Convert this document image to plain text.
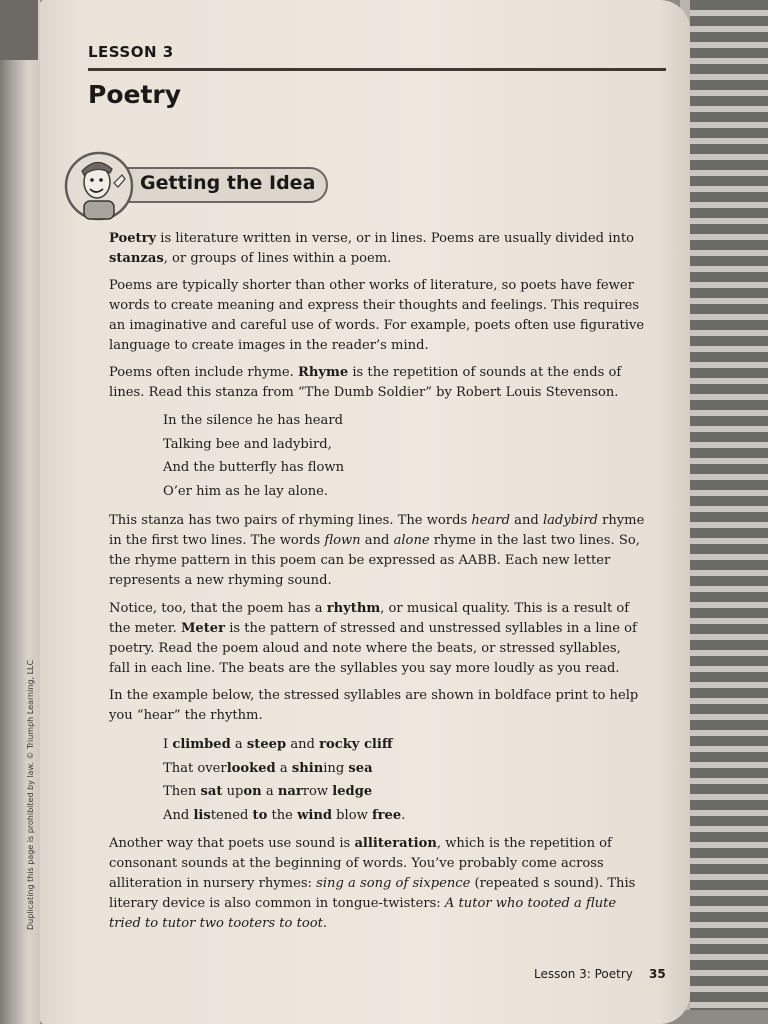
Duplicating this page is prohibited by law. © Triumph Learning, LLC
LESSON 3
Poetry
Getting the Idea
Poetry is literature written in verse, or in lines. Poems are usually divided into stanzas, or groups of lines within a poem.
Poems are typically shorter than other works of literature, so poets have fewer words to create meaning and express their thoughts and feelings. This requires an imaginative and careful use of words. For example, poets often use figurative language to create images in the reader’s mind.
Poems often include rhyme. Rhyme is the repetition of sounds at the ends of lines. Read this stanza from “The Dumb Soldier” by Robert Louis Stevenson.
In the silence he has heard
Talking bee and ladybird,
And the butterfly has flown
O’er him as he lay alone.
This stanza has two pairs of rhyming lines. The words heard and ladybird rhyme in the first two lines. The words flown and alone rhyme in the last two lines. So, the rhyme pattern in this poem can be expressed as AABB. Each new letter represents a new rhyming sound.
Notice, too, that the poem has a rhythm, or musical quality. This is a result of the meter. Meter is the pattern of stressed and unstressed syllables in a line of poetry. Read the poem aloud and note where the beats, or stressed syllables, fall in each line. The beats are the syllables you say more loudly as you read.
In the example below, the stressed syllables are shown in boldface print to help you “hear” the rhythm.
I climbed a steep and rocky cliff
That overlooked a shining sea
Then sat upon a narrow ledge
And listened to the wind blow free.
Another way that poets use sound is alliteration, which is the repetition of consonant sounds at the beginning of words. You’ve probably come across alliteration in nursery rhymes: sing a song of sixpence (repeated s sound). This literary device is also common in tongue-twisters: A tutor who tooted a flute tried to tutor two tooters to toot.
Lesson 3: Poetry 35
